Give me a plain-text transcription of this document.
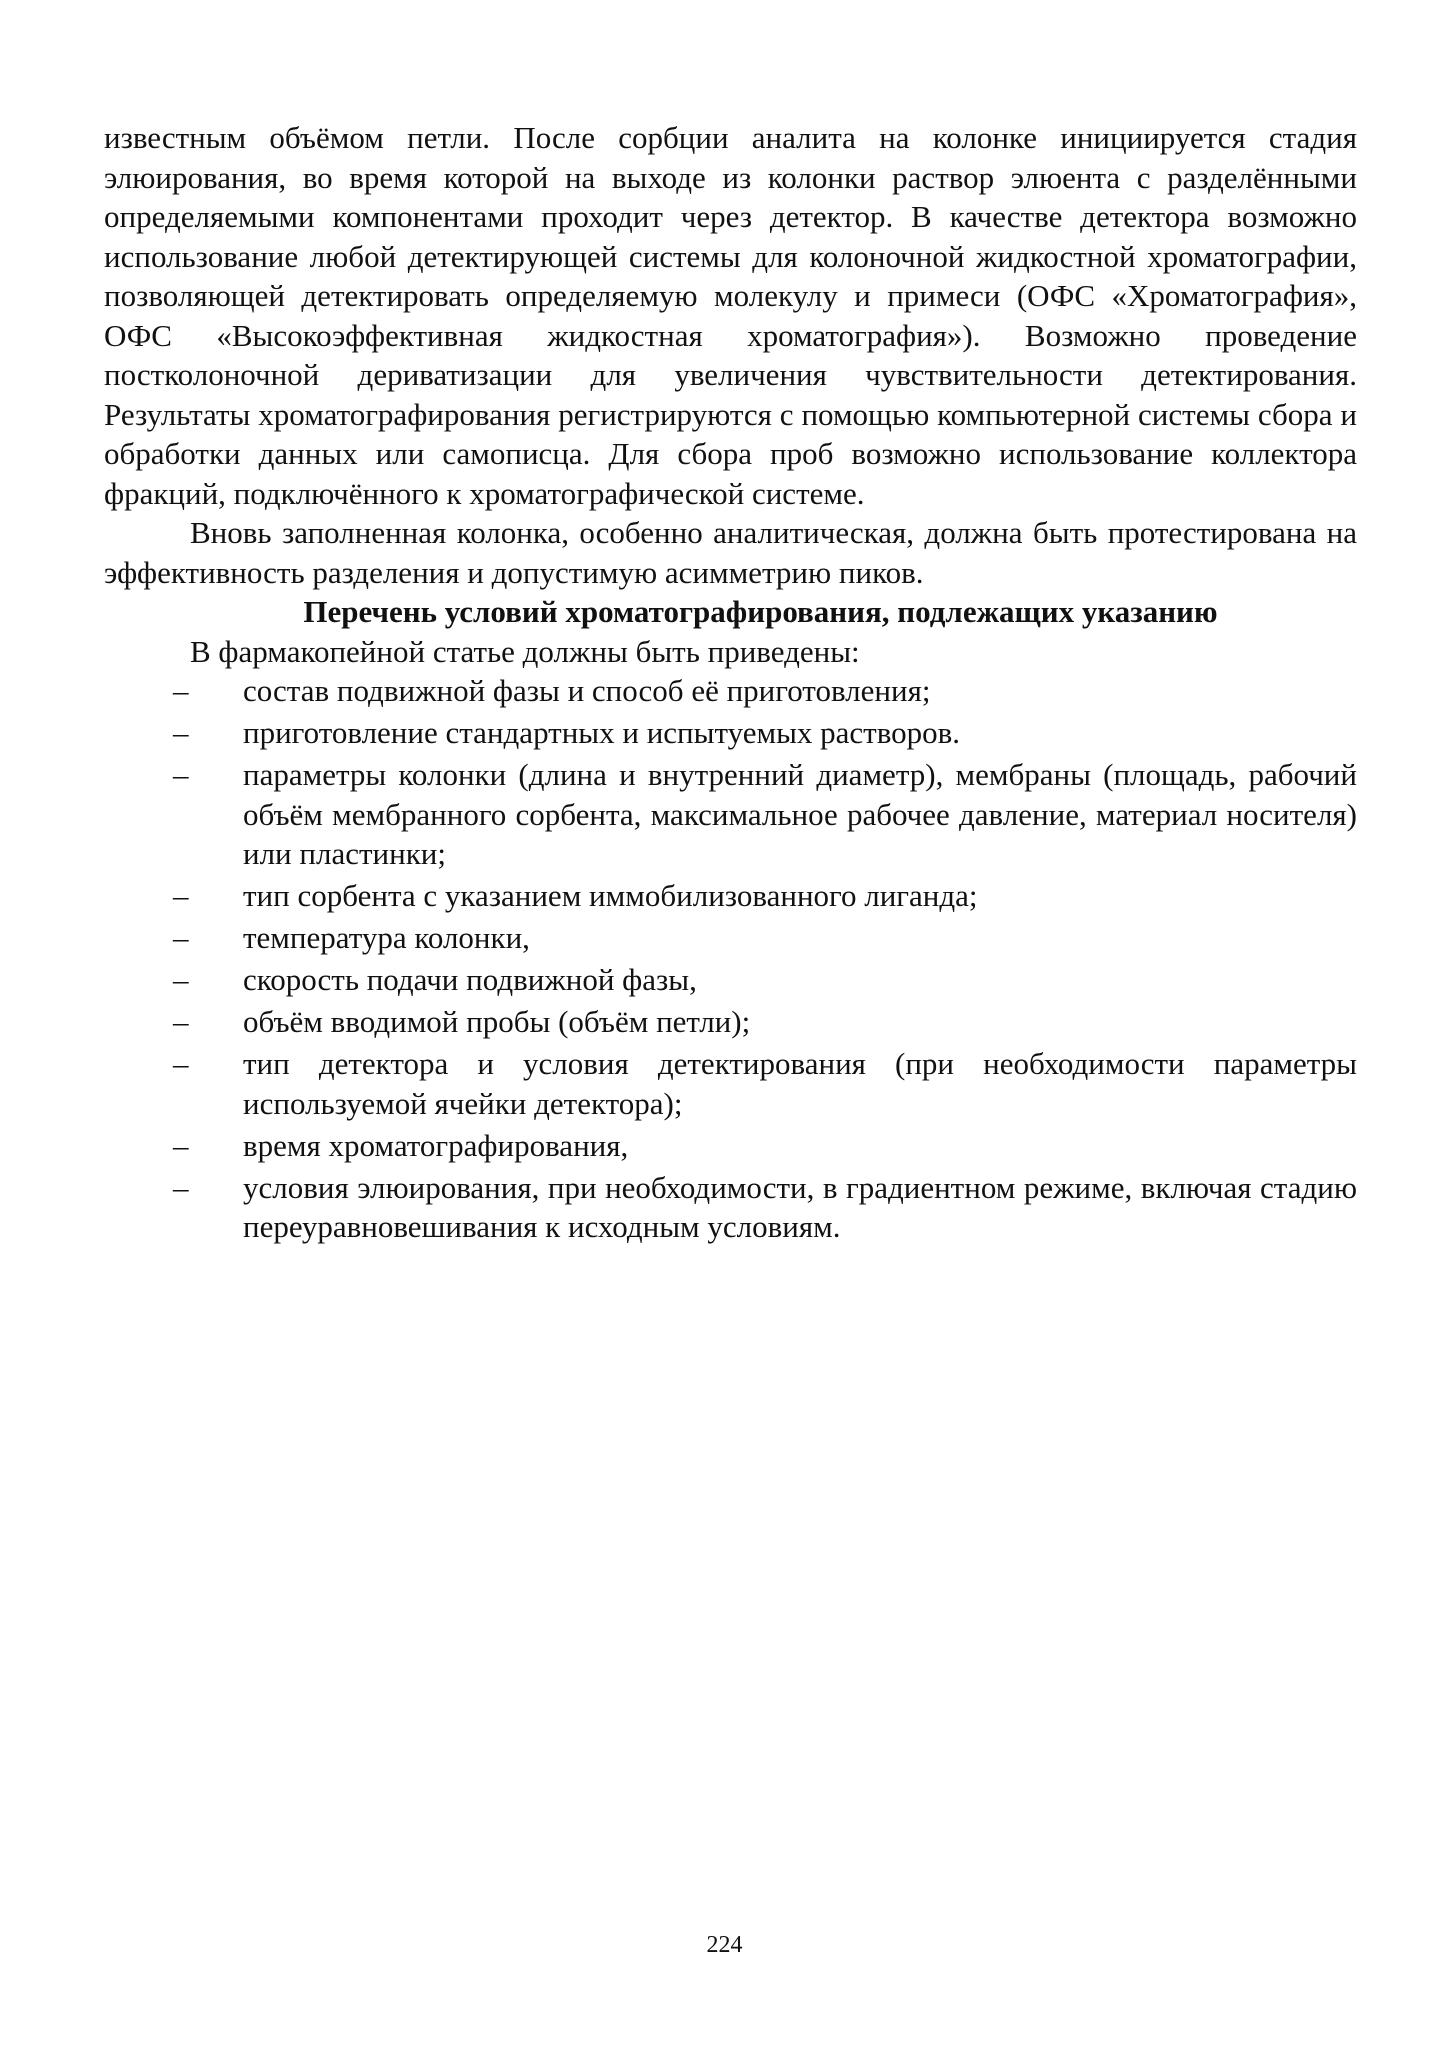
известным объёмом петли. После сорбции аналита на колонке инициируется стадия элюирования, во время которой на выходе из колонки раствор элюента с разделёнными определяемыми компонентами проходит через детектор. В качестве детектора возможно использование любой детектирующей системы для колоночной жидкостной хроматографии, позволяющей детектировать определяемую молекулу и примеси (ОФС «Хроматография», ОФС «Высокоэффективная жидкостная хроматография»). Возможно проведение постколоночной дериватизации для увеличения чувствительности детектирования. Результаты хроматографирования регистрируются с помощью компьютерной системы сбора и обработки данных или самописца. Для сбора проб возможно использование коллектора фракций, подключённого к хроматографической системе.

Вновь заполненная колонка, особенно аналитическая, должна быть протестирована на эффективность разделения и допустимую асимметрию пиков.

Перечень условий хроматографирования, подлежащих указанию

В фармакопейной статье должны быть приведены:

– состав подвижной фазы и способ её приготовления;
– приготовление стандартных и испытуемых растворов.
– параметры колонки (длина и внутренний диаметр), мембраны (площадь, рабочий объём мембранного сорбента, максимальное рабочее давление, материал носителя) или пластинки;
– тип сорбента с указанием иммобилизованного лиганда;
– температура колонки,
– скорость подачи подвижной фазы,
– объём вводимой пробы (объём петли);
– тип детектора и условия детектирования (при необходимости параметры используемой ячейки детектора);
– время хроматографирования,
– условия элюирования, при необходимости, в градиентном режиме, включая стадию переуравновешивания к исходным условиям.
224
